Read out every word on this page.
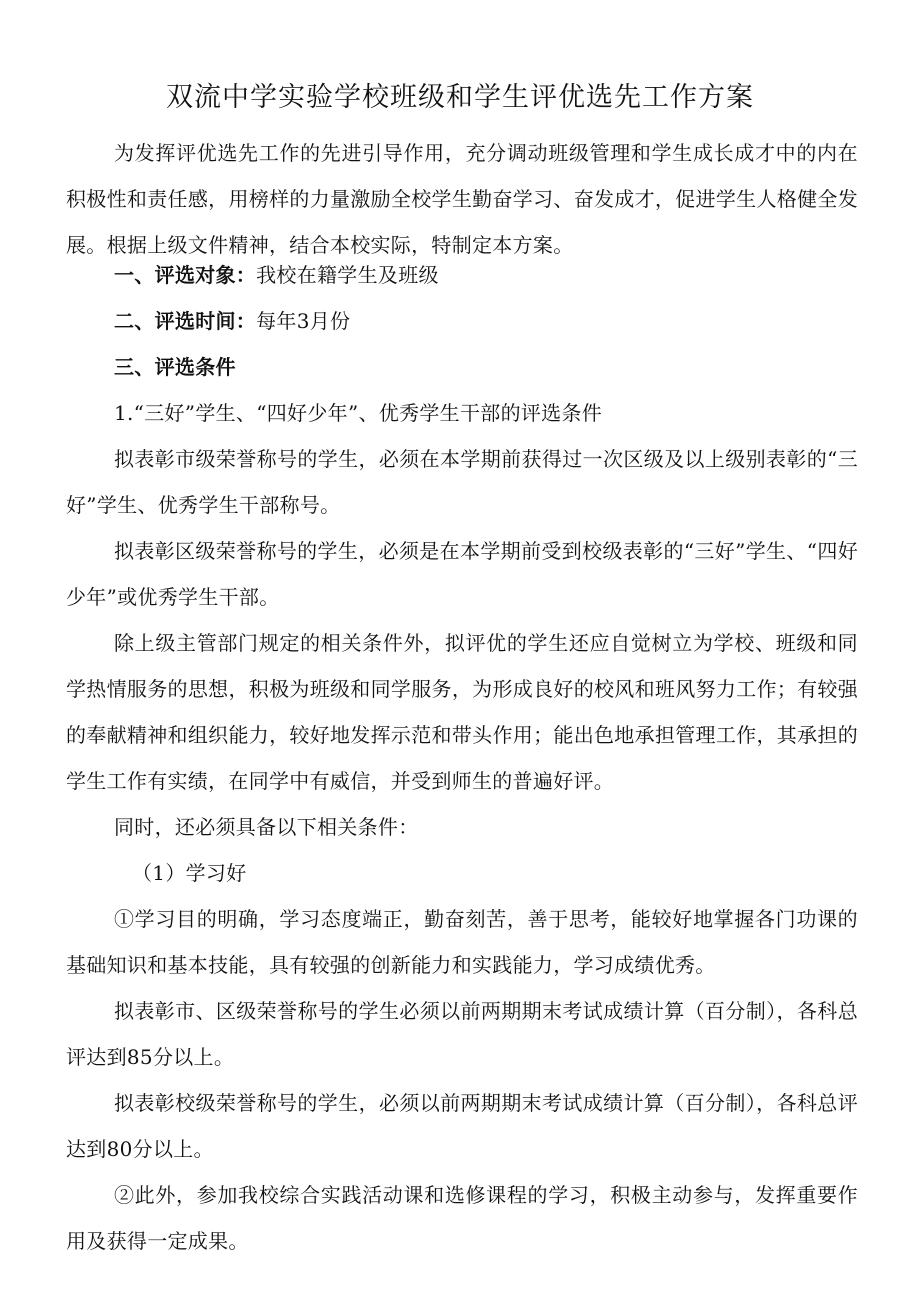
双流中学实验学校班级和学生评优选先工作方案

为发挥评优选先工作的先进引导作用，充分调动班级管理和学生成长成才中的内在积极性和责任感，用榜样的力量激励全校学生勤奋学习、奋发成才，促进学生人格健全发展。根据上级文件精神，结合本校实际，特制定本方案。

一、评选对象：我校在籍学生及班级

二、评选时间：每年3月份

三、评选条件

1.“三好”学生、“四好少年”、优秀学生干部的评选条件

拟表彰市级荣誉称号的学生，必须在本学期前获得过一次区级及以上级别表彰的“三好”学生、优秀学生干部称号。

拟表彰区级荣誉称号的学生，必须是在本学期前受到校级表彰的“三好”学生、“四好少年”或优秀学生干部。

除上级主管部门规定的相关条件外，拟评优的学生还应自觉树立为学校、班级和同学热情服务的思想，积极为班级和同学服务，为形成良好的校风和班风努力工作；有较强的奉献精神和组织能力，较好地发挥示范和带头作用；能出色地承担管理工作，其承担的学生工作有实绩，在同学中有威信，并受到师生的普遍好评。

同时，还必须具备以下相关条件：

（1）学习好

①学习目的明确，学习态度端正，勤奋刻苦，善于思考，能较好地掌握各门功课的基础知识和基本技能，具有较强的创新能力和实践能力，学习成绩优秀。

拟表彰市、区级荣誉称号的学生必须以前两期期末考试成绩计算（百分制），各科总评达到85分以上。

拟表彰校级荣誉称号的学生，必须以前两期期末考试成绩计算（百分制），各科总评达到80分以上。

②此外，参加我校综合实践活动课和选修课程的学习，积极主动参与，发挥重要作用及获得一定成果。
